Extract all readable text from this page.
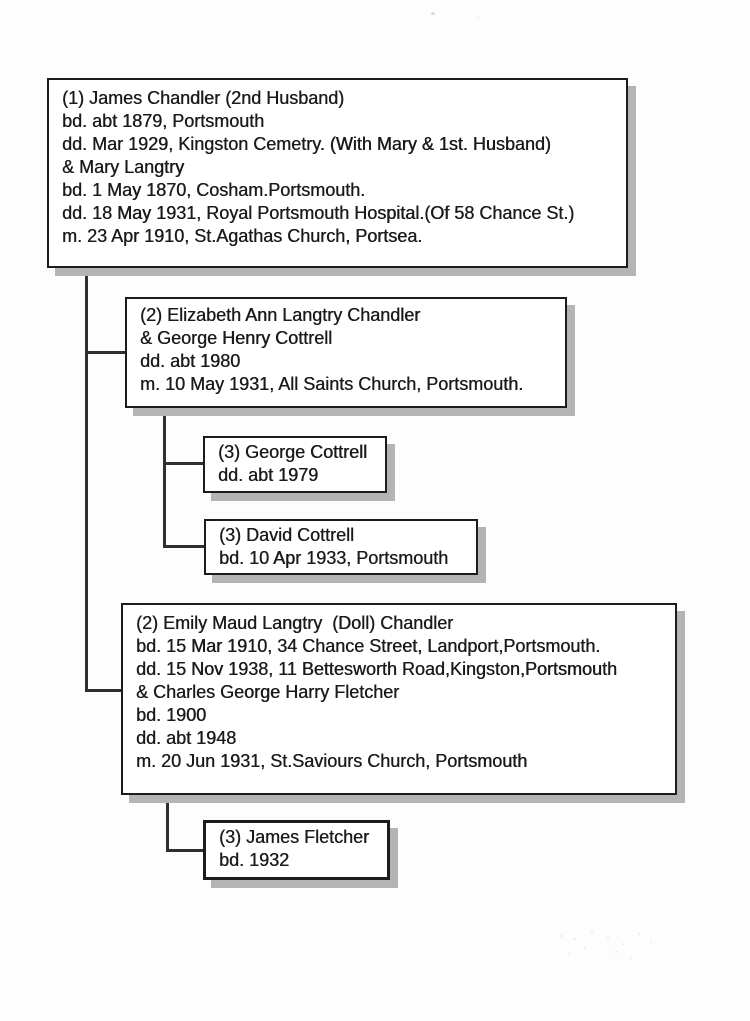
(1) James Chandler (2nd Husband)
bd. abt 1879, Portsmouth
dd. Mar 1929, Kingston Cemetry. (With Mary & 1st. Husband)
& Mary Langtry
bd. 1 May 1870, Cosham.Portsmouth.
dd. 18 May 1931, Royal Portsmouth Hospital.(Of 58 Chance St.)
m. 23 Apr 1910, St.Agathas Church, Portsea.
(2) Elizabeth Ann Langtry Chandler
& George Henry Cottrell
dd. abt 1980
m. 10 May 1931, All Saints Church, Portsmouth.
(3) George Cottrell
dd. abt 1979
(3) David Cottrell
bd. 10 Apr 1933, Portsmouth
(2) Emily Maud Langtry  (Doll) Chandler
bd. 15 Mar 1910, 34 Chance Street, Landport,Portsmouth.
dd. 15 Nov 1938, 11 Bettesworth Road,Kingston,Portsmouth
& Charles George Harry Fletcher
bd. 1900
dd. abt 1948
m. 20 Jun 1931, St.Saviours Church, Portsmouth
(3) James Fletcher
bd. 1932
